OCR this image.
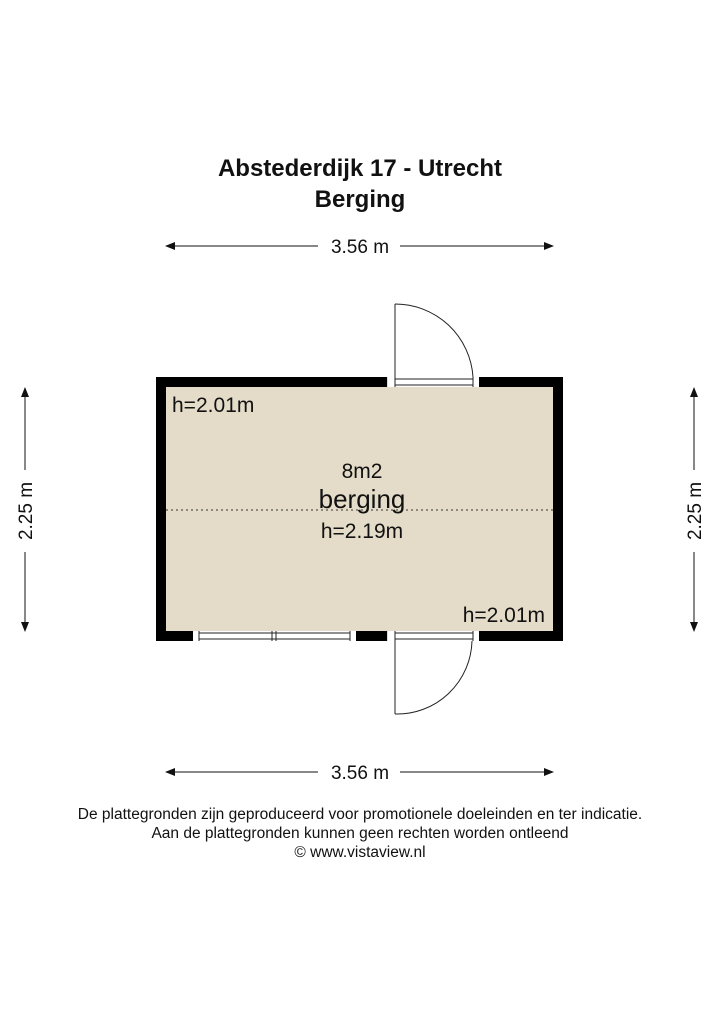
Abstederdijk 17 - Utrecht
Berging
3.56 m
3.56 m
2.25 m	2.25 m
h=2.01m
h=2.01m
8m2
berging
h=2.19m
De plattegronden zijn geproduceerd voor promotionele doeleinden en ter indicatie.
Aan de plattegronden kunnen geen rechten worden ontleend
© www.vistaview.nl
